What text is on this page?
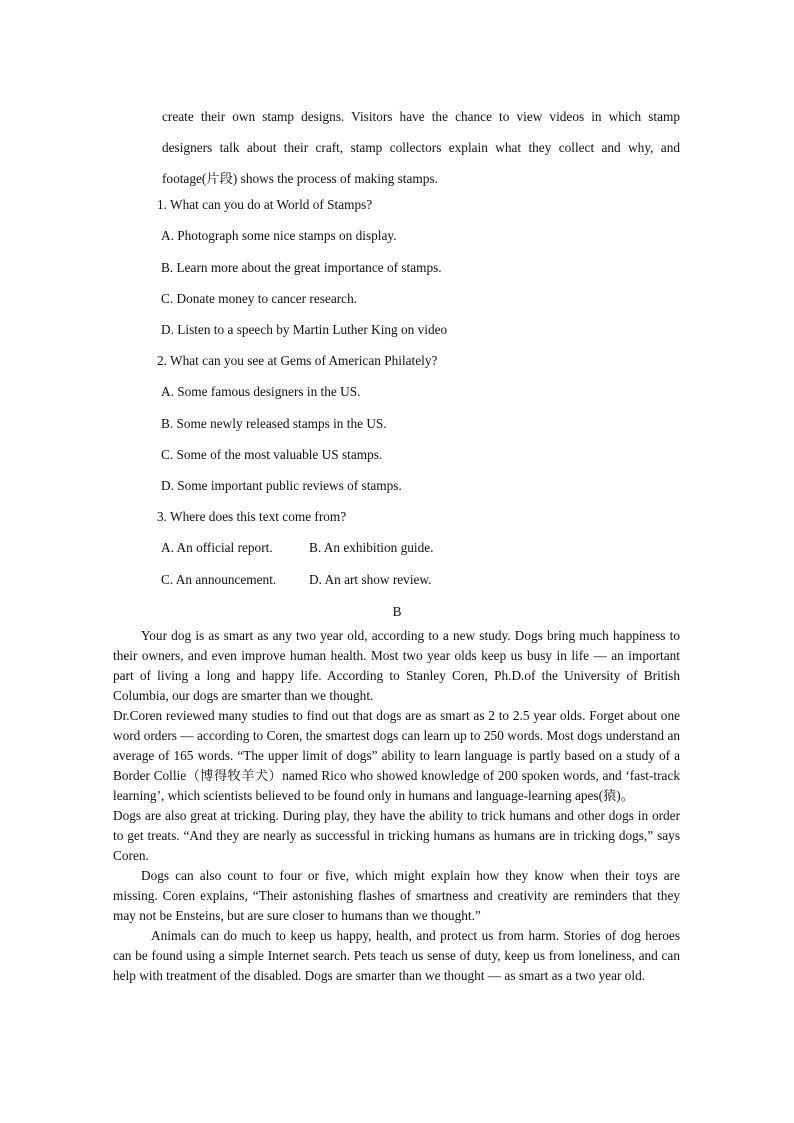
create their own stamp designs. Visitors have the chance to view videos in which stamp designers talk about their craft, stamp collectors explain what they collect and why, and footage(片段) shows the process of making stamps.

1. What can you do at World of Stamps?

A. Photograph some nice stamps on display.

B. Learn more about the great importance of stamps.

C. Donate money to cancer research.

D. Listen to a speech by Martin Luther King on video

2. What can you see at Gems of American Philately?

A. Some famous designers in the US.

B. Some newly released stamps in the US.

C. Some of the most valuable US stamps.

D. Some important public reviews of stamps.

3. Where does this text come from?

A. An official report.	B. An exhibition guide.

C. An announcement. D. An art show review.

B

Your dog is as smart as any two year old, according to a new study. Dogs bring much happiness to their owners, and even improve human health. Most two year olds keep us busy in life — an important part of living a long and happy life. According to Stanley Coren, Ph.D.of the University of British Columbia, our dogs are smarter than we thought.

Dr.Coren reviewed many studies to find out that dogs are as smart as 2 to 2.5 year olds. Forget about one word orders — according to Coren, the smartest dogs can learn up to 250 words. Most dogs understand an average of 165 words. “The upper limit of dogs” ability to learn language is partly based on a study of a Border Collie（博得牧羊犬）named Rico who showed knowledge of 200 spoken words, and ‘fast-track learning’, which scientists believed to be found only in humans and language-learning apes(猿)。

Dogs are also great at tricking. During play, they have the ability to trick humans and other dogs in order to get treats. “And they are nearly as successful in tricking humans as humans are in tricking dogs,” says Coren.

Dogs can also count to four or five, which might explain how they know when their toys are missing. Coren explains, “Their astonishing flashes of smartness and creativity are reminders that they may not be Ensteins, but are sure closer to humans than we thought.”

Animals can do much to keep us happy, health, and protect us from harm. Stories of dog heroes can be found using a simple Internet search. Pets teach us sense of duty, keep us from loneliness, and can help with treatment of the disabled. Dogs are smarter than we thought — as smart as a two year old.
